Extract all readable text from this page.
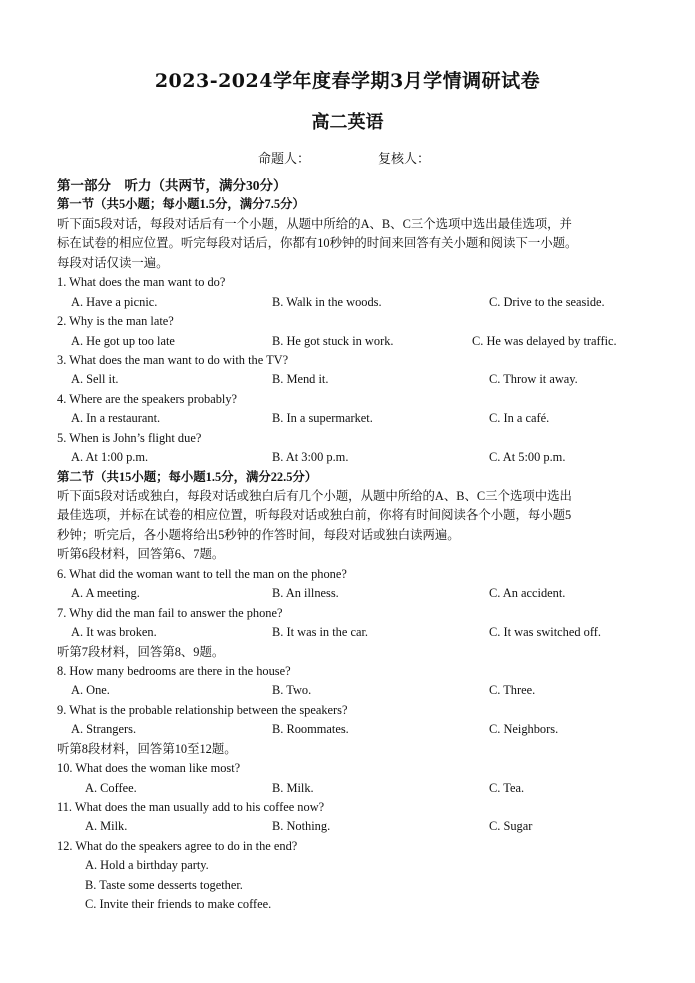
2023-2024学年度春学期3月学情调研试卷
高二英语
命题人：	复核人：
第一部分　听力（共两节，满分30分）
第一节（共5小题；每小题1.5分，满分7.5分）
听下面5段对话，每段对话后有一个小题，从题中所给的A、B、C三个选项中选出最佳选项，并
标在试卷的相应位置。听完每段对话后，你都有10秒钟的时间来回答有关小题和阅读下一小题。
每段对话仅读一遍。
1. What does the man want to do?
A. Have a picnic.	B. Walk in the woods.	C. Drive to the seaside.
2. Why is the man late?
A. He got up too late	B. He got stuck in work.	C. He was delayed by traffic.
3. What does the man want to do with the TV?
A. Sell it.	B. Mend it.	C. Throw it away.
4. Where are the speakers probably?
A. In a restaurant.	B. In a supermarket.	C. In a café.
5. When is John’s flight due?
A. At 1:00 p.m.	B. At 3:00 p.m.	C. At 5:00 p.m.
第二节（共15小题；每小题1.5分，满分22.5分）
听下面5段对话或独白，每段对话或独白后有几个小题，从题中所给的A、B、C三个选项中选出
最佳选项，并标在试卷的相应位置，听每段对话或独白前，你将有时间阅读各个小题，每小题5
秒钟；听完后，各小题将给出5秒钟的作答时间，每段对话或独白读两遍。
听第6段材料，回答第6、7题。
6. What did the woman want to tell the man on the phone?
A. A meeting.	B. An illness.	C. An accident.
7. Why did the man fail to answer the phone?
A. It was broken.	B. It was in the car.	C. It was switched off.
听第7段材料，回答第8、9题。
8. How many bedrooms are there in the house?
A. One.	B. Two.	C. Three.
9. What is the probable relationship between the speakers?
A. Strangers.	B. Roommates.	C. Neighbors.
听第8段材料，回答第10至12题。
10. What does the woman like most?
A. Coffee.	B. Milk.	C. Tea.
11. What does the man usually add to his coffee now?
A. Milk.	B. Nothing.	C. Sugar
12. What do the speakers agree to do in the end?
A. Hold a birthday party.
B. Taste some desserts together.
C. Invite their friends to make coffee.
